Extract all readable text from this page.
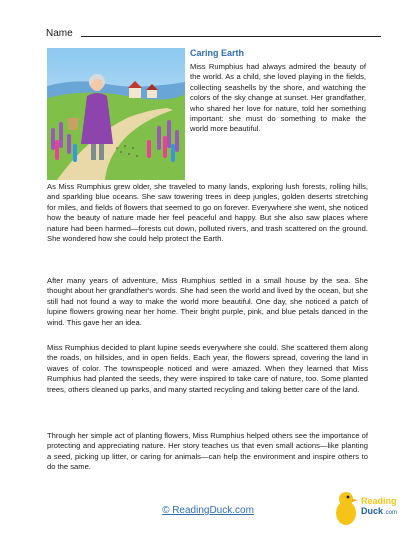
Name
Caring Earth
Miss Rumphius had always admired the beauty of the world. As a child, she loved playing in the fields, collecting seashells by the shore, and watching the colors of the sky change at sunset. Her grandfather, who shared her love for nature, told her something important: she must do something to make the world more beautiful.
As Miss Rumphius grew older, she traveled to many lands, exploring lush forests, rolling hills, and sparkling blue oceans. She saw towering trees in deep jungles, golden deserts stretching for miles, and fields of flowers that seemed to go on forever. Everywhere she went, she noticed how the beauty of nature made her feel peaceful and happy. But she also saw places where nature had been harmed—forests cut down, polluted rivers, and trash scattered on the ground. She wondered how she could help protect the Earth.
After many years of adventure, Miss Rumphius settled in a small house by the sea. She thought about her grandfather's words. She had seen the world and lived by the ocean, but she still had not found a way to make the world more beautiful. One day, she noticed a patch of lupine flowers growing near her home. Their bright purple, pink, and blue petals danced in the wind. This gave her an idea.
Miss Rumphius decided to plant lupine seeds everywhere she could. She scattered them along the roads, on hillsides, and in open fields. Each year, the flowers spread, covering the land in waves of color. The townspeople noticed and were amazed. When they learned that Miss Rumphius had planted the seeds, they were inspired to take care of nature, too. Some planted trees, others cleaned up parks, and many started recycling and taking better care of the land.
Through her simple act of planting flowers, Miss Rumphius helped others see the importance of protecting and appreciating nature. Her story teaches us that even small actions—like planting a seed, picking up litter, or caring for animals—can help the environment and inspire others to do the same.
© ReadingDuck.com
Reading
Duck .com
